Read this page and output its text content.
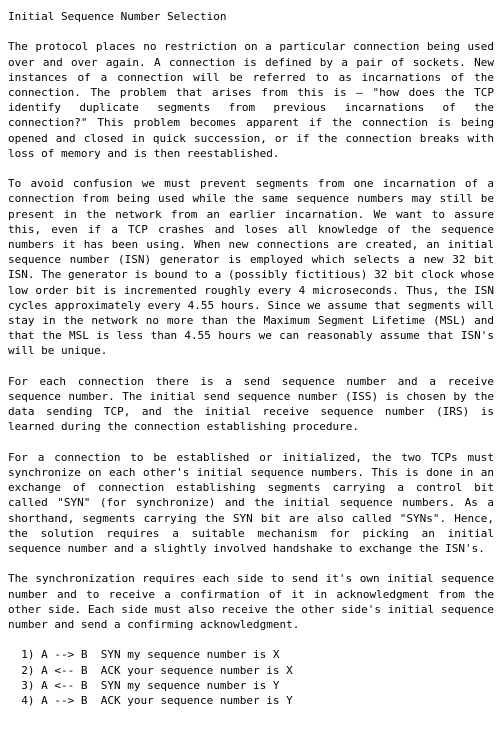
Initial Sequence Number Selection

The protocol places no restriction on a particular connection being used over and over again. A connection is defined by a pair of sockets. New instances of a connection will be referred to as incarnations of the connection. The problem that arises from this is — "how does the TCP identify duplicate segments from previous incarnations of the connection?" This problem becomes apparent if the connection is being opened and closed in quick succession, or if the connection breaks with loss of memory and is then reestablished.

To avoid confusion we must prevent segments from one incarnation of a connection from being used while the same sequence numbers may still be present in the network from an earlier incarnation. We want to assure this, even if a TCP crashes and loses all knowledge of the sequence numbers it has been using. When new connections are created, an initial sequence number (ISN) generator is employed which selects a new 32 bit ISN. The generator is bound to a (possibly fictitious) 32 bit clock whose low order bit is incremented roughly every 4 microseconds. Thus, the ISN cycles approximately every 4.55 hours. Since we assume that segments will stay in the network no more than the Maximum Segment Lifetime (MSL) and that the MSL is less than 4.55 hours we can reasonably assume that ISN's will be unique.

For each connection there is a send sequence number and a receive sequence number. The initial send sequence number (ISS) is chosen by the data sending TCP, and the initial receive sequence number (IRS) is learned during the connection establishing procedure.

For a connection to be established or initialized, the two TCPs must synchronize on each other's initial sequence numbers. This is done in an exchange of connection establishing segments carrying a control bit called "SYN" (for synchronize) and the initial sequence numbers. As a shorthand, segments carrying the SYN bit are also called "SYNs". Hence, the solution requires a suitable mechanism for picking an initial sequence number and a slightly involved handshake to exchange the ISN's.

The synchronization requires each side to send it's own initial sequence number and to receive a confirmation of it in acknowledgment from the other side. Each side must also receive the other side's initial sequence number and send a confirming acknowledgment.

1) A --> B  SYN my sequence number is X
2) A <-- B  ACK your sequence number is X
3) A <-- B  SYN my sequence number is Y
4) A --> B  ACK your sequence number is Y
